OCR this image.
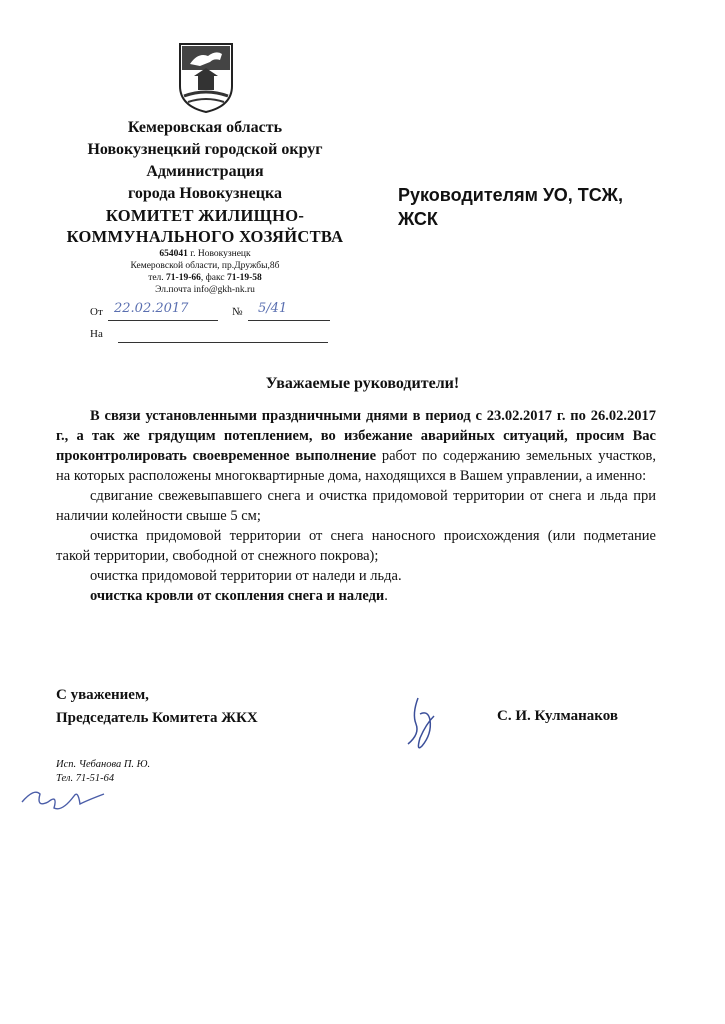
Кемеровская область
Новокузнецкий городской округ
Администрация
города Новокузнецка
КОМИТЕТ ЖИЛИЩНО-
КОММУНАЛЬНОГО ХОЗЯЙСТВА
654041 г. Новокузнецк
Кемеровской области, пр.Дружбы,8б
тел. 71-19-66, факс 71-19-58
Эл.почта info@gkh-nk.ru
От 22.02.2017	№ 5/41
На
Руководителям УО, ТСЖ,
ЖСК
Уважаемые руководители!

В связи установленными праздничными днями в период с 23.02.2017 г. по 26.02.2017 г., а так же грядущим потеплением, во избежание аварийных ситуаций, просим Вас проконтролировать своевременное выполнение работ по содержанию земельных участков, на которых расположены многоквартирные дома, находящихся в Вашем управлении, а именно:

сдвигание свежевыпавшего снега и очистка придомовой территории от снега и льда при наличии колейности свыше 5 см;

очистка придомовой территории от снега наносного происхождения (или подметание такой территории, свободной от снежного покрова);

очистка придомовой территории от наледи и льда.

очистка кровли от скопления снега и наледи.

С уважением,
Председатель Комитета ЖКХ	С. И. Кулманаков
Исп. Чебанова П. Ю.
Тел. 71-51-64
